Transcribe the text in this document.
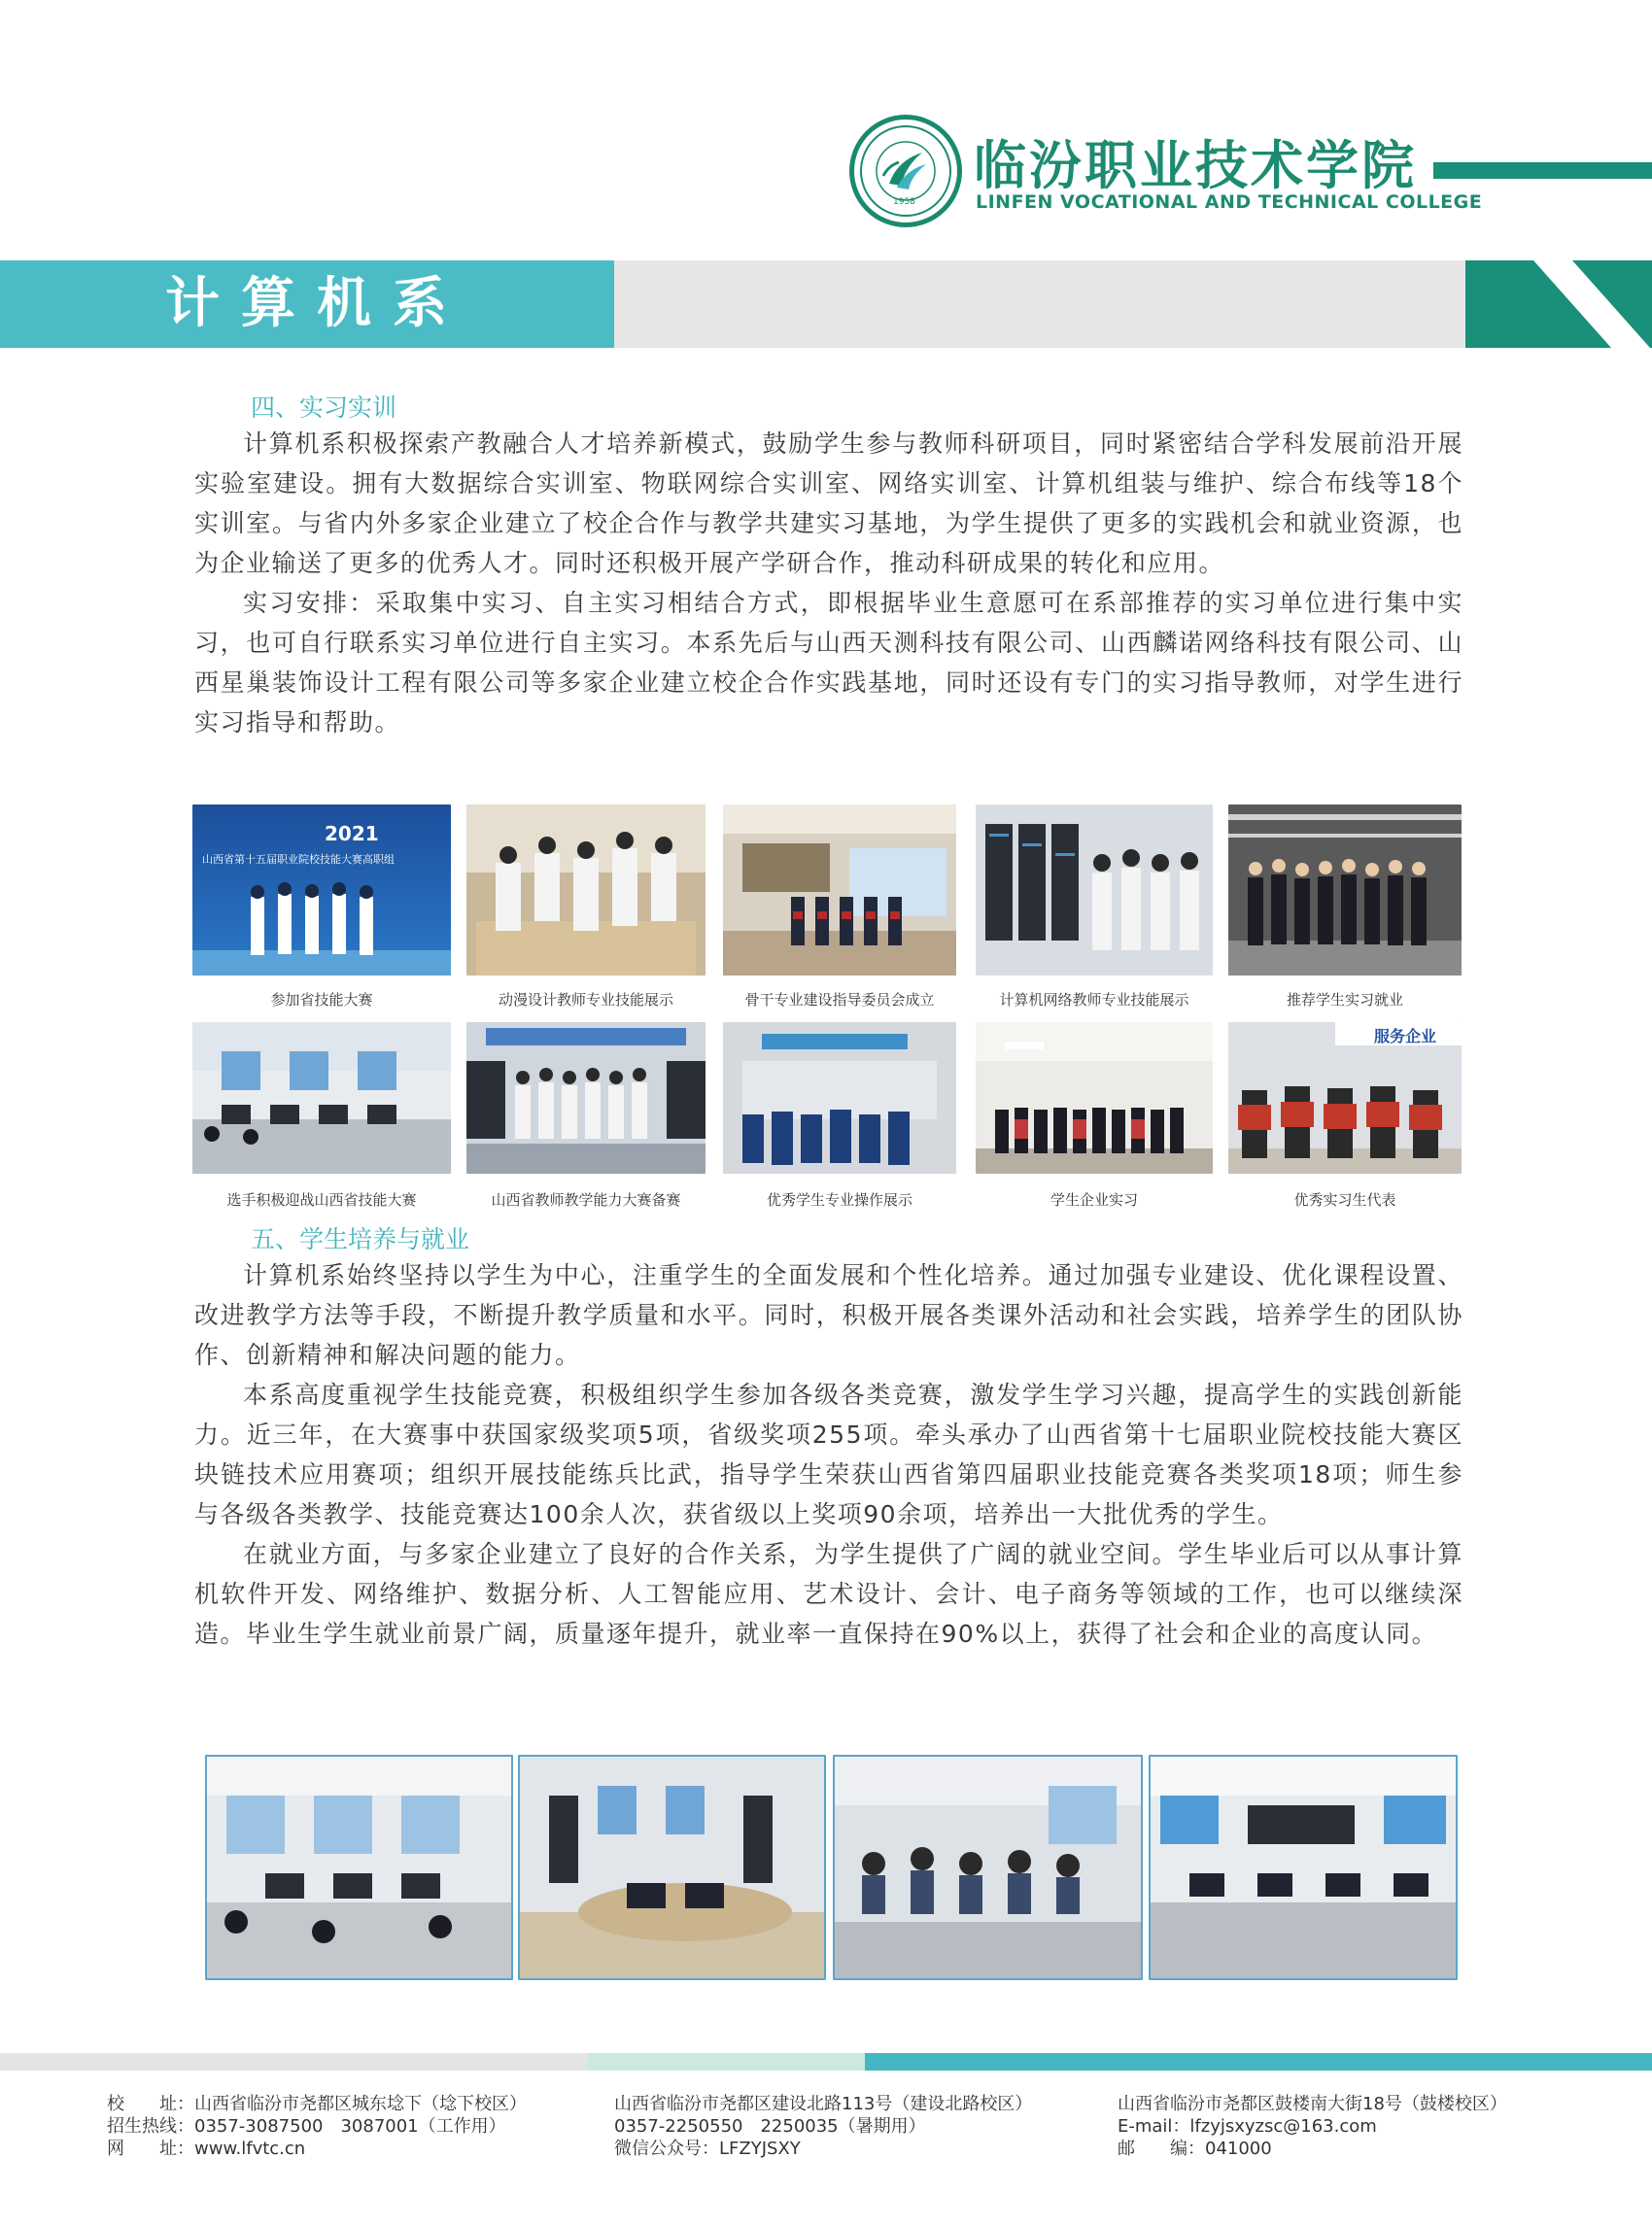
1958
临汾职业技术学院
LINFEN VOCATIONAL AND TECHNICAL COLLEGE
计算机系
四、实习实训

计算机系积极探索产教融合人才培养新模式，鼓励学生参与教师科研项目，同时紧密结合学科发展前沿开展实验室建设。拥有大数据综合实训室、物联网综合实训室、网络实训室、计算机组装与维护、综合布线等18个实训室。与省内外多家企业建立了校企合作与教学共建实习基地，为学生提供了更多的实践机会和就业资源，也为企业输送了更多的优秀人才。同时还积极开展产学研合作，推动科研成果的转化和应用。

实习安排：采取集中实习、自主实习相结合方式，即根据毕业生意愿可在系部推荐的实习单位进行集中实习，也可自行联系实习单位进行自主实习。本系先后与山西天测科技有限公司、山西麟诺网络科技有限公司、山西星巢装饰设计工程有限公司等多家企业建立校企合作实践基地，同时还设有专门的实习指导教师，对学生进行实习指导和帮助。

2021
山西省第十五届职业院校技能大赛高职组
参加省技能大赛	动漫设计教师专业技能展示	骨干专业建设指导委员会成立	计算机网络教师专业技能展示	推荐学生实习就业
服务企业
选手积极迎战山西省技能大赛	山西省教师教学能力大赛备赛	优秀学生专业操作展示	学生企业实习	优秀实习生代表
五、学生培养与就业

计算机系始终坚持以学生为中心，注重学生的全面发展和个性化培养。通过加强专业建设、优化课程设置、改进教学方法等手段，不断提升教学质量和水平。同时，积极开展各类课外活动和社会实践，培养学生的团队协作、创新精神和解决问题的能力。

本系高度重视学生技能竞赛，积极组织学生参加各级各类竞赛，激发学生学习兴趣，提高学生的实践创新能力。近三年，在大赛事中获国家级奖项5项，省级奖项255项。牵头承办了山西省第十七届职业院校技能大赛区块链技术应用赛项；组织开展技能练兵比武，指导学生荣获山西省第四届职业技能竞赛各类奖项18项；师生参与各级各类教学、技能竞赛达100余人次，获省级以上奖项90余项，培养出一大批优秀的学生。

在就业方面，与多家企业建立了良好的合作关系，为学生提供了广阔的就业空间。学生毕业后可以从事计算机软件开发、网络维护、数据分析、人工智能应用、艺术设计、会计、电子商务等领域的工作，也可以继续深造。毕业生学生就业前景广阔，质量逐年提升，就业率一直保持在90%以上，获得了社会和企业的高度认同。

校　　址：山西省临汾市尧都区城东埝下（埝下校区）
招生热线：0357-3087500　3087001（工作用）
网　　址：www.lfvtc.cn
山西省临汾市尧都区建设北路113号（建设北路校区）
0357-2250550　2250035（暑期用）
微信公众号：LFZYJSXY
山西省临汾市尧都区鼓楼南大街18号（鼓楼校区）
E-mail：lfzyjsxyzsc@163.com
邮　　编：041000
